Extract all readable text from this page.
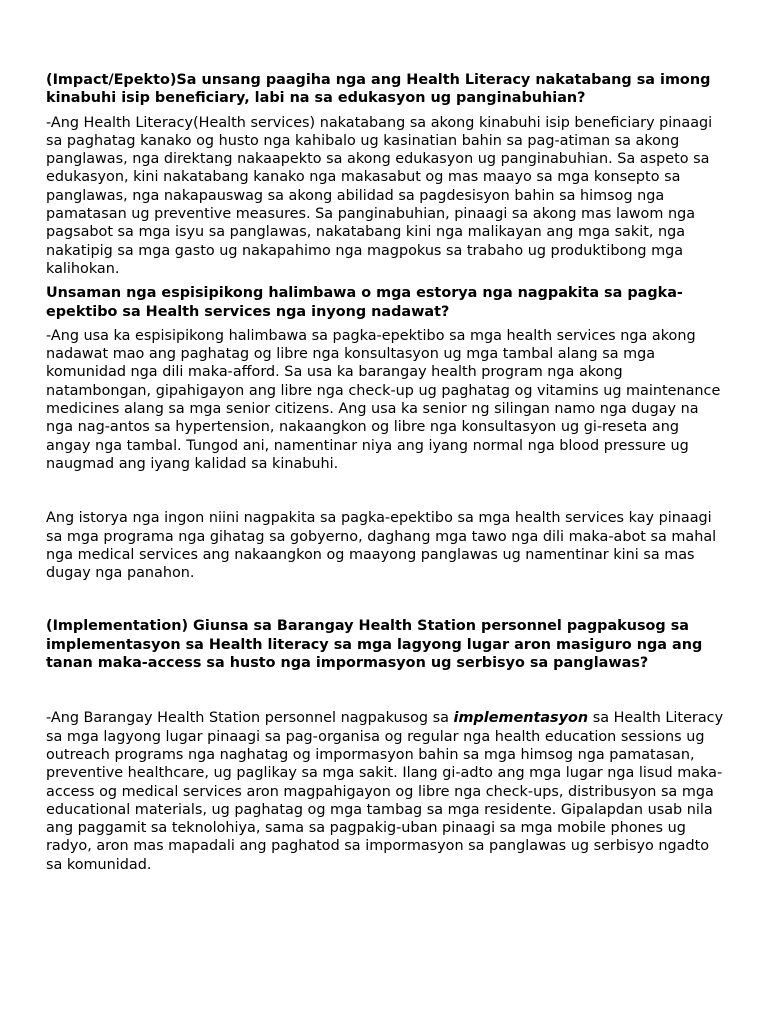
(Impact/Epekto)Sa unsang paagiha nga ang Health Literacy nakatabang sa imong kinabuhi isip beneficiary, labi na sa edukasyon ug panginabuhian?

-Ang Health Literacy(Health services) nakatabang sa akong kinabuhi isip beneficiary pinaagi sa paghatag kanako og husto nga kahibalo ug kasinatian bahin sa pag-atiman sa akong panglawas, nga direktang nakaapekto sa akong edukasyon ug panginabuhian. Sa aspeto sa edukasyon, kini nakatabang kanako nga makasabut og mas maayo sa mga konsepto sa panglawas, nga nakapauswag sa akong abilidad sa pagdesisyon bahin sa himsog nga pamatasan ug preventive measures. Sa panginabuhian, pinaagi sa akong mas lawom nga pagsabot sa mga isyu sa panglawas, nakatabang kini nga malikayan ang mga sakit, nga nakatipig sa mga gasto ug nakapahimo nga magpokus sa trabaho ug produktibong mga kalihokan.

Unsaman nga espisipikong halimbawa o mga estorya nga nagpakita sa pagka-epektibo sa Health services nga inyong nadawat?

-Ang usa ka espisipikong halimbawa sa pagka-epektibo sa mga health services nga akong nadawat mao ang paghatag og libre nga konsultasyon ug mga tambal alang sa mga komunidad nga dili maka-afford. Sa usa ka barangay health program nga akong natambongan, gipahigayon ang libre nga check-up ug paghatag og vitamins ug maintenance medicines alang sa mga senior citizens. Ang usa ka senior ng silingan namo nga dugay na nga nag-antos sa hypertension, nakaangkon og libre nga konsultasyon ug gi-reseta ang angay nga tambal. Tungod ani, namentinar niya ang iyang normal nga blood pressure ug naugmad ang iyang kalidad sa kinabuhi.

Ang istorya nga ingon niini nagpakita sa pagka-epektibo sa mga health services kay pinaagi sa mga programa nga gihatag sa gobyerno, daghang mga tawo nga dili maka-abot sa mahal nga medical services ang nakaangkon og maayong panglawas ug namentinar kini sa mas dugay nga panahon.

(Implementation) Giunsa sa Barangay Health Station personnel pagpakusog sa implementasyon sa Health literacy sa mga lagyong lugar aron masiguro nga ang tanan maka-access sa husto nga impormasyon ug serbisyo sa panglawas?

-Ang Barangay Health Station personnel nagpakusog sa implementasyon sa Health Literacy sa mga lagyong lugar pinaagi sa pag-organisa og regular nga health education sessions ug outreach programs nga naghatag og impormasyon bahin sa mga himsog nga pamatasan, preventive healthcare, ug paglikay sa mga sakit. Ilang gi-adto ang mga lugar nga lisud maka-access og medical services aron magpahigayon og libre nga check-ups, distribusyon sa mga educational materials, ug paghatag og mga tambag sa mga residente. Gipalapdan usab nila ang paggamit sa teknolohiya, sama sa pagpakig-uban pinaagi sa mga mobile phones ug radyo, aron mas mapadali ang paghatod sa impormasyon sa panglawas ug serbisyo ngadto sa komunidad.
